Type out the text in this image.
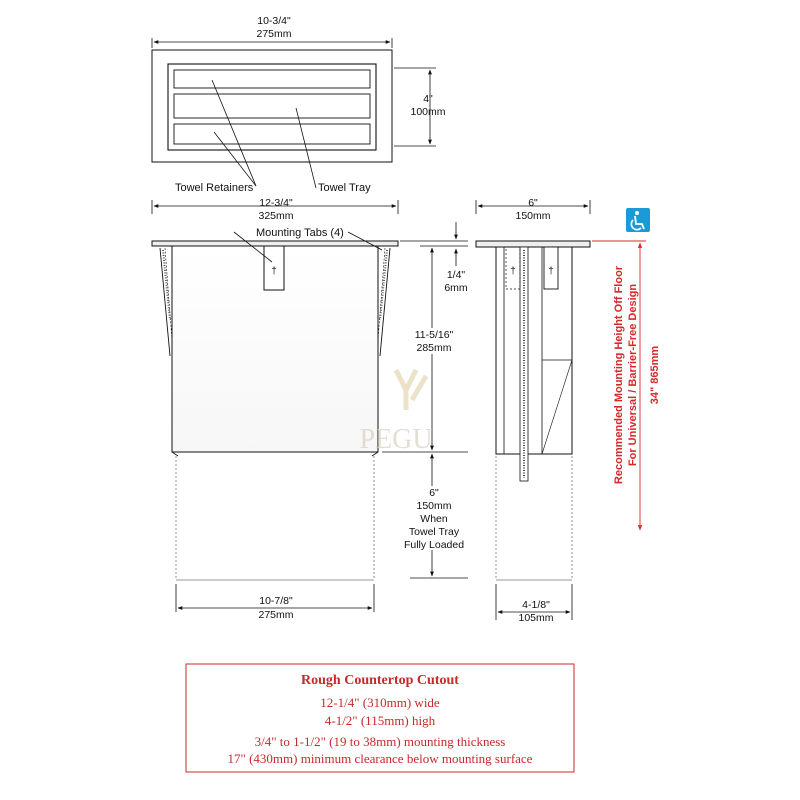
10-3/4"
275mm
4"
100mm
Towel Retainers	Towel Tray
12-3/4"
325mm
†
Mounting Tabs (4)
10-7/8"
275mm
1/4"
6mm
11-5/16"
285mm
6"
150mm
When
Towel Tray
Fully Loaded
6"
150mm
†	†
4-1/8"
105mm
Recommended Mounting Height Off Floor For Universal / Barrier-Free Design 34" 865mm
PEGU
Rough Countertop Cutout
12-1/4" (310mm) wide
4-1/2" (115mm) high
3/4" to 1-1/2" (19 to 38mm) mounting thickness
17" (430mm) minimum clearance below mounting surface
